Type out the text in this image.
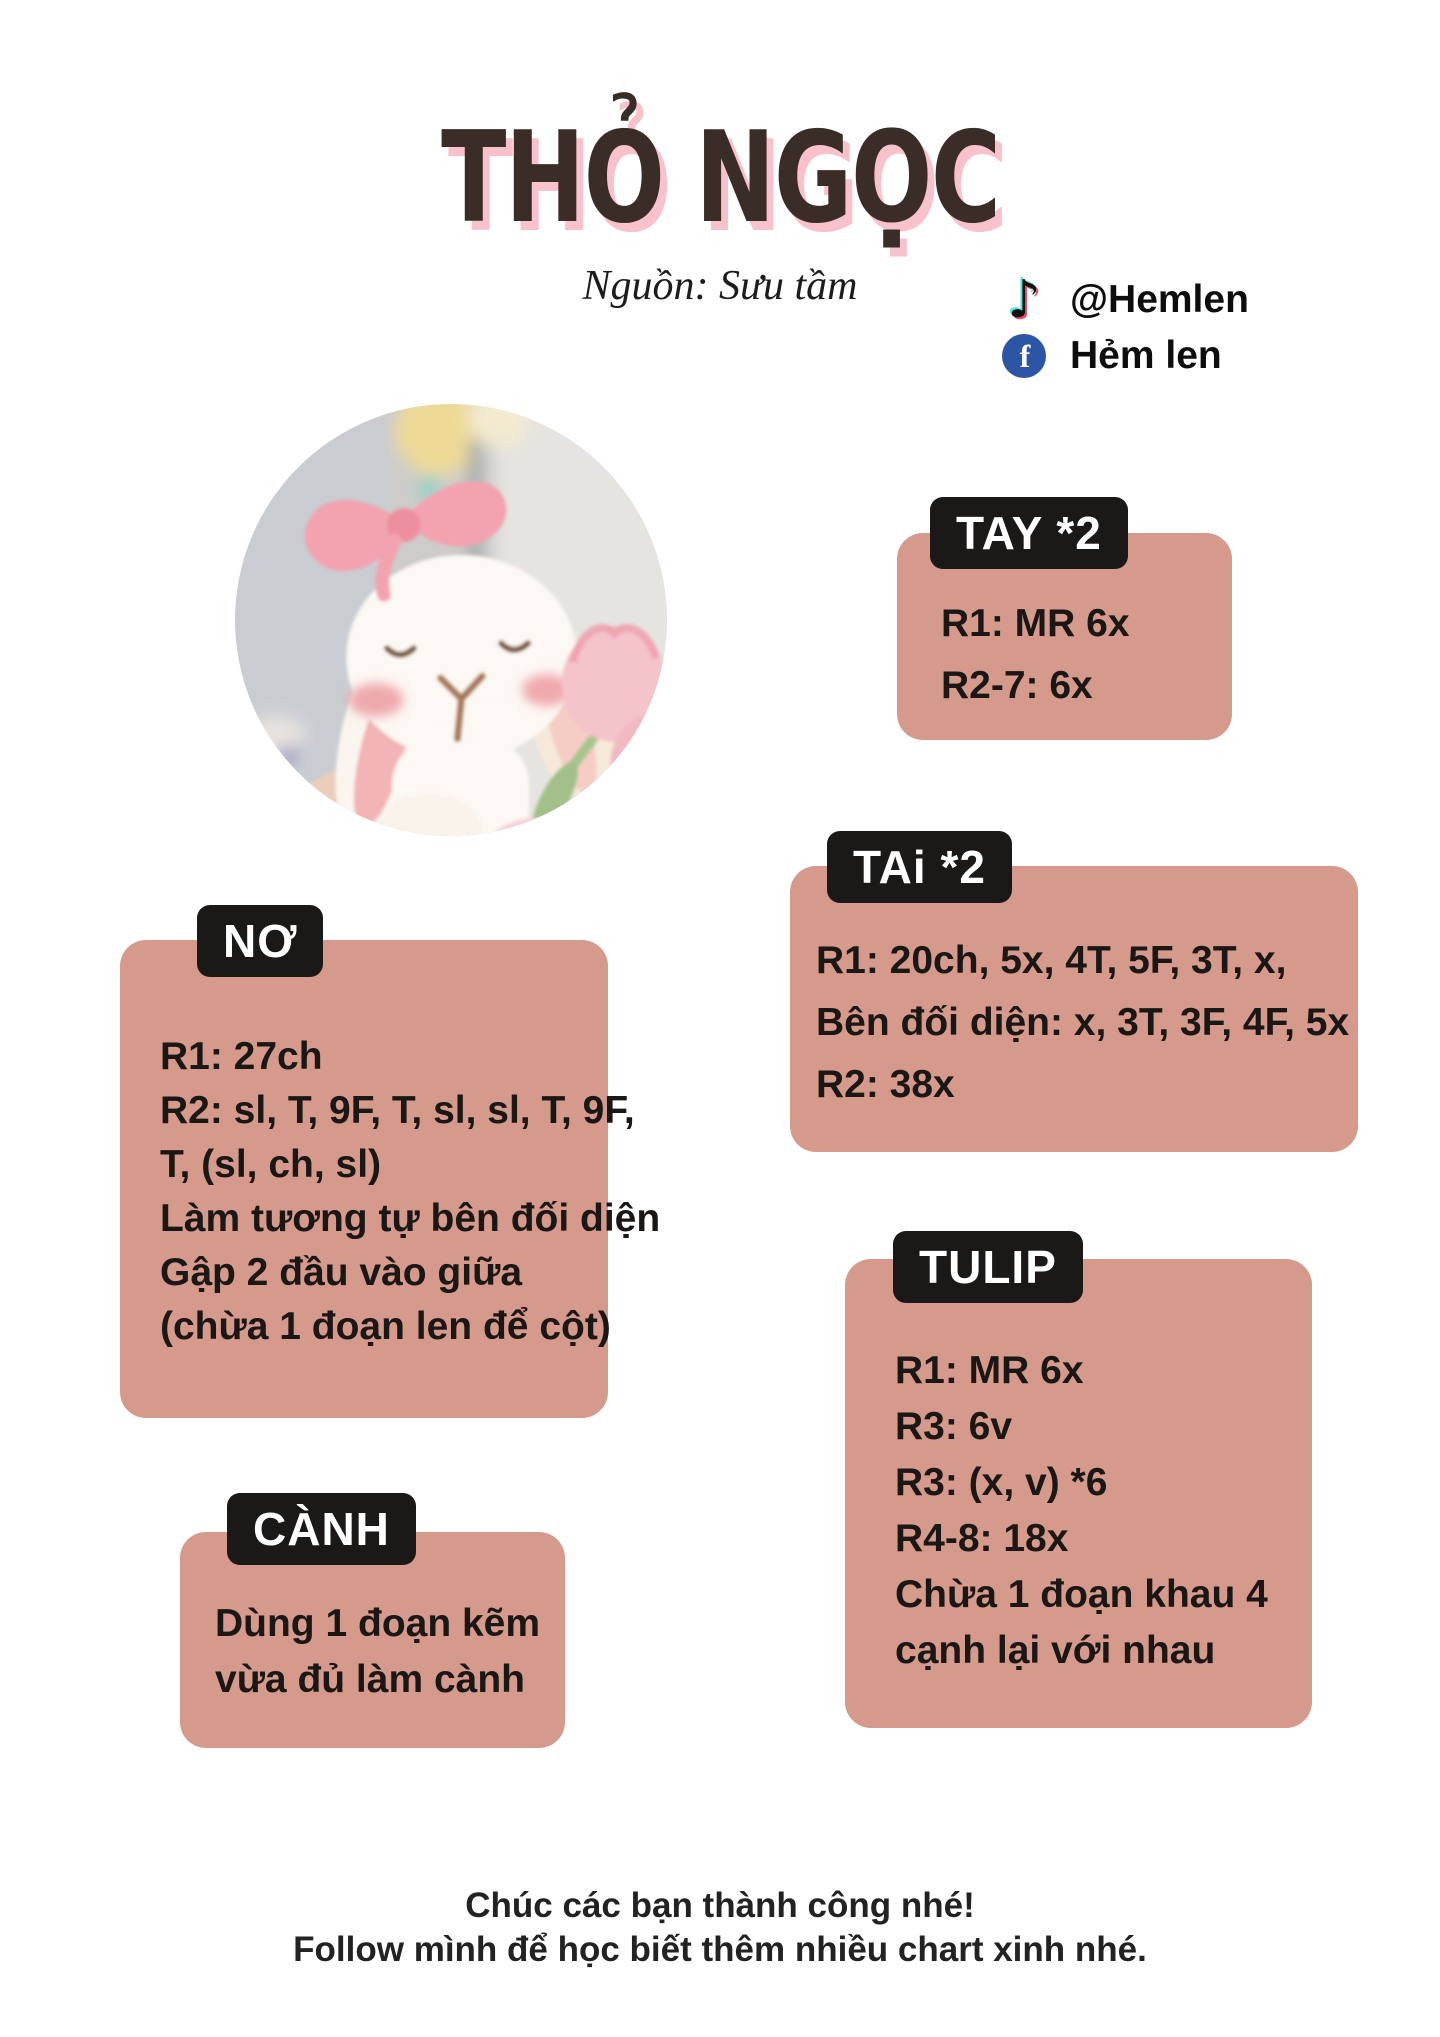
THỎ NGỌC
Nguồn: Sưu tầm	♪ @Hemlen
f Hẻm len
TAY *2
R1: MR 6x
R2-7: 6x
TAi *2
R1: 20ch, 5x, 4T, 5F, 3T, x,
Bên đối diện: x, 3T, 3F, 4F, 5x
R2: 38x
NƠ
R1: 27ch
R2: sl, T, 9F, T, sl, sl, T, 9F,
T, (sl, ch, sl)
Làm tương tự bên đối diện
Gập 2 đầu vào giữa
(chừa 1 đoạn len để cột)
TULIP
R1: MR 6x
R3: 6v
R3: (x, v) *6
R4-8: 18x
Chừa 1 đoạn khau 4
cạnh lại với nhau
CÀNH
Dùng 1 đoạn kẽm
vừa đủ làm cành
Chúc các bạn thành công nhé!
Follow mình để học biết thêm nhiều chart xinh nhé.
